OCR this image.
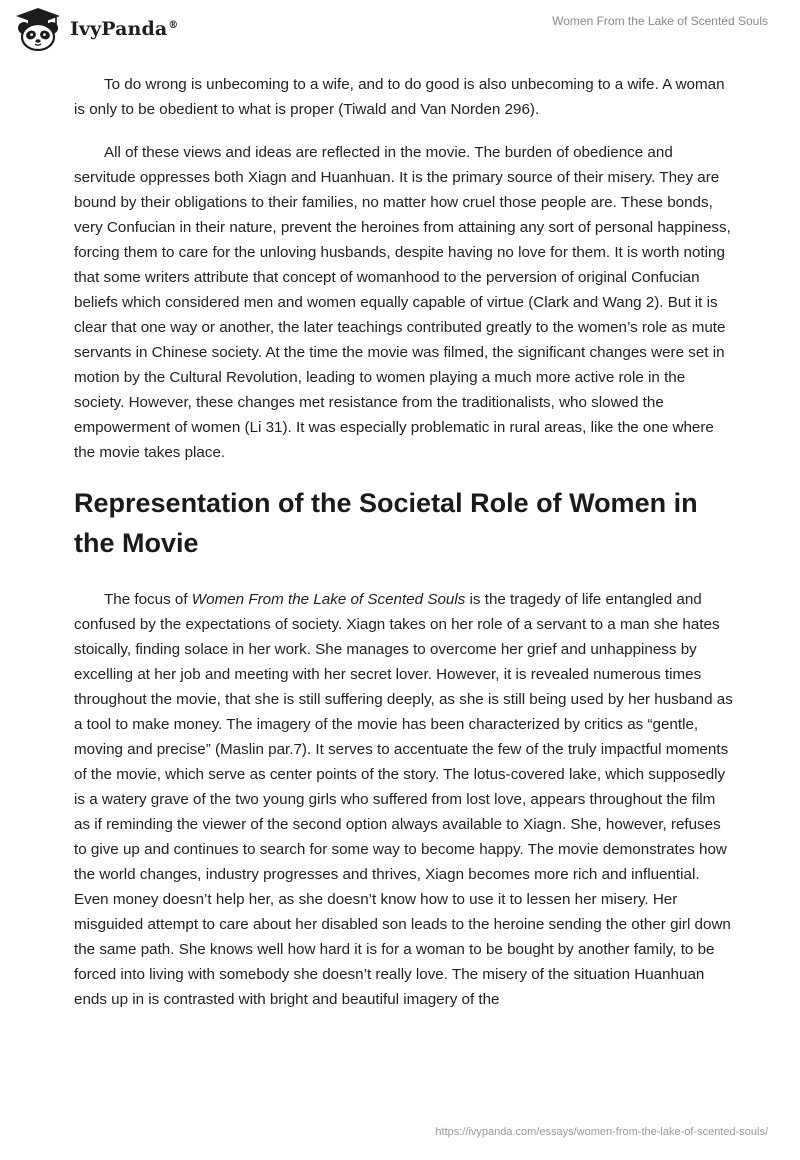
IvyPanda®	Women From the Lake of Scented Souls

To do wrong is unbecoming to a wife, and to do good is also unbecoming to a wife. A woman is only to be obedient to what is proper (Tiwald and Van Norden 296).

All of these views and ideas are reflected in the movie. The burden of obedience and servitude oppresses both Xiagn and Huanhuan. It is the primary source of their misery. They are bound by their obligations to their families, no matter how cruel those people are. These bonds, very Confucian in their nature, prevent the heroines from attaining any sort of personal happiness, forcing them to care for the unloving husbands, despite having no love for them. It is worth noting that some writers attribute that concept of womanhood to the perversion of original Confucian beliefs which considered men and women equally capable of virtue (Clark and Wang 2). But it is clear that one way or another, the later teachings contributed greatly to the women’s role as mute servants in Chinese society. At the time the movie was filmed, the significant changes were set in motion by the Cultural Revolution, leading to women playing a much more active role in the society. However, these changes met resistance from the traditionalists, who slowed the empowerment of women (Li 31). It was especially problematic in rural areas, like the one where the movie takes place.

Representation of the Societal Role of Women in the Movie

The focus of Women From the Lake of Scented Souls is the tragedy of life entangled and confused by the expectations of society. Xiagn takes on her role of a servant to a man she hates stoically, finding solace in her work. She manages to overcome her grief and unhappiness by excelling at her job and meeting with her secret lover. However, it is revealed numerous times throughout the movie, that she is still suffering deeply, as she is still being used by her husband as a tool to make money. The imagery of the movie has been characterized by critics as “gentle, moving and precise” (Maslin par.7). It serves to accentuate the few of the truly impactful moments of the movie, which serve as center points of the story. The lotus-covered lake, which supposedly is a watery grave of the two young girls who suffered from lost love, appears throughout the film as if reminding the viewer of the second option always available to Xiagn. She, however, refuses to give up and continues to search for some way to become happy. The movie demonstrates how the world changes, industry progresses and thrives, Xiagn becomes more rich and influential. Even money doesn’t help her, as she doesn’t know how to use it to lessen her misery. Her misguided attempt to care about her disabled son leads to the heroine sending the other girl down the same path. She knows well how hard it is for a woman to be bought by another family, to be forced into living with somebody she doesn’t really love. The misery of the situation Huanhuan ends up in is contrasted with bright and beautiful imagery of the

https://ivypanda.com/essays/women-from-the-lake-of-scented-souls/
